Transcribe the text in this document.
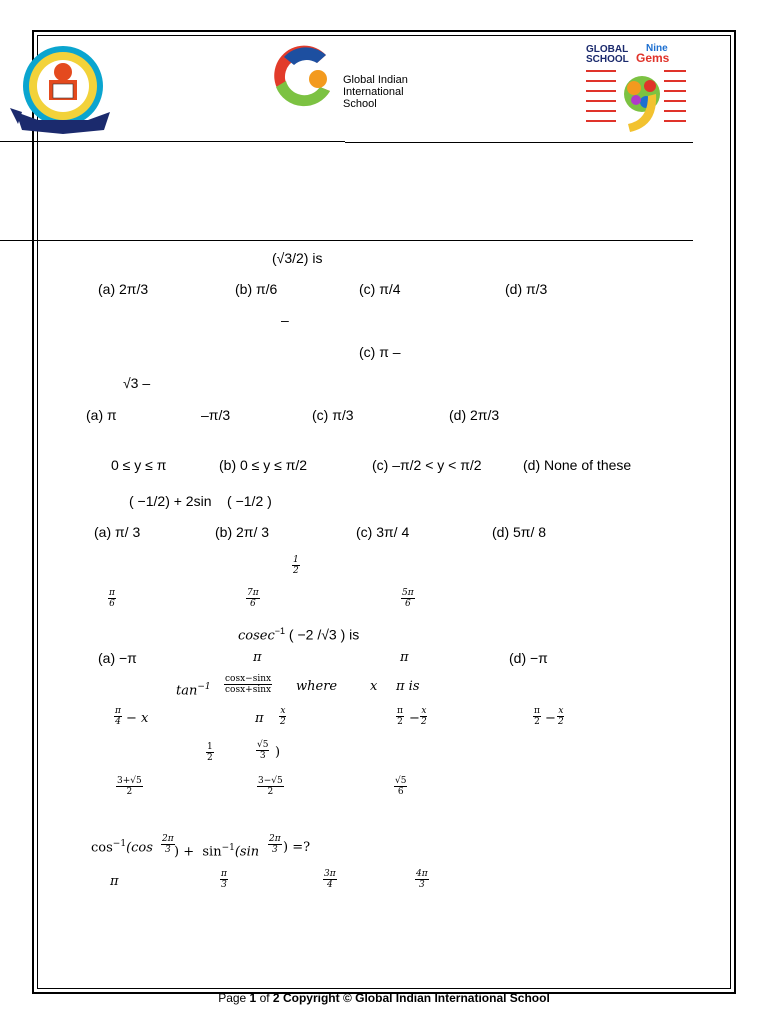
Global Indian
International
School
GLOBAL
SCHOOL
Nine
Gems
(√3/2) is
(a) 2π/3	(b) π/6	(c) π/4	(d) π/3
–
(c) π –
√3 –
(a) π	–π/3	(c) π/3	(d) 2π/3
0 ≤ y ≤ π	(b) 0 ≤ y ≤ π/2	(c) –π/2 < y < π/2	(d) None of these
( −1/2) + 2sin    ( −1/2 )
(a) π/ 3	(b) 2π/ 3	(c) 3π/ 4	(d) 5π/ 8
$\frac{1}{2}$
$\frac{\pi}{6}$	$\frac{7\pi}{6}$	$\frac{5\pi}{6}$
cosec$^{-1}$ ( −2 /√3 ) is
(a) −π	π	π	(d) −π
$\tan^{-1} \frac{\cos x-\sin x}{\cos x+\sin x}$ where	x π is
$\frac{\pi}{4} - x$	π $\frac{x}{2}$	$\frac{\pi}{2} - \frac{x}{2}$	$\frac{\pi}{2} - \frac{x}{2}$
$\frac{1}{2}$	$\frac{√5}{3}$ )
$\frac{3+√5}{2}$	$\frac{3-√5}{2}$	$\frac{√5}{6}$
$\cos^{-1}(\cos \frac{2\pi}{3}$ ) +  $\sin^{-1}(\sin \frac{2\pi}{3}$ ) =?
π	$\frac{\pi}{3}$	$\frac{3\pi}{4}$	$\frac{4\pi}{3}$
Page 1 of 2 Copyright © Global Indian International School
